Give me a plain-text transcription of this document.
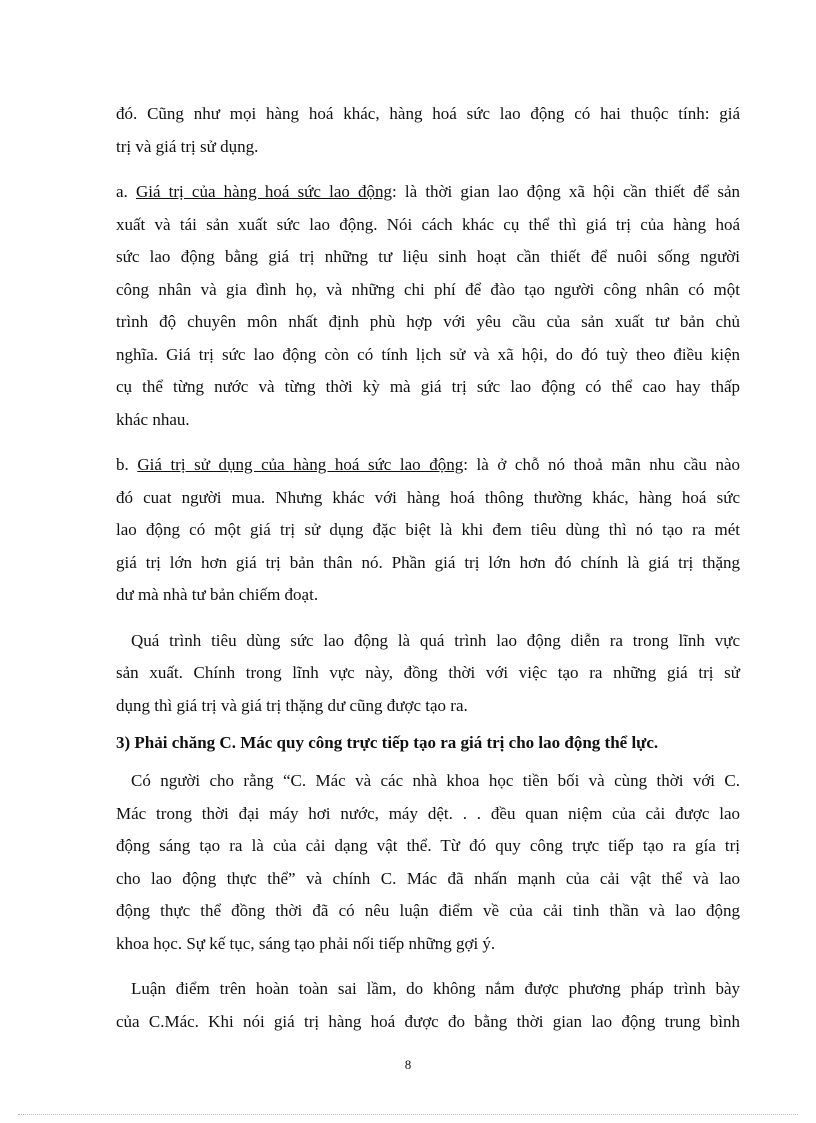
đó. Cũng như mọi hàng hoá khác, hàng hoá sức lao động có hai thuộc tính: giá
trị và giá trị sử dụng.
a. Giá trị của hàng hoá sức lao động: là thời gian lao động xã hội cần thiết để sản
xuất và tái sản xuất sức lao động. Nói cách khác cụ thể thì giá trị của hàng hoá
sức lao động bằng giá trị những tư liệu sinh hoạt cần thiết để nuôi sống người
công nhân và gia đình họ, và những chi phí để đào tạo người công nhân có một
trình độ chuyên môn nhất định phù hợp với yêu cầu của sản xuất tư bản chủ
nghĩa. Giá trị sức lao động còn có tính lịch sử và xã hội, do đó tuỳ theo điều kiện
cụ thể từng nước và từng thời kỳ mà giá trị sức lao động có thể cao hay thấp
khác nhau.
b. Giá trị sử dụng của hàng hoá sức lao động: là ở chỗ nó thoả mãn nhu cầu nào
đó cuat người mua. Nhưng khác với hàng hoá thông thường khác, hàng hoá sức
lao động có một giá trị sử dụng đặc biệt là khi đem tiêu dùng thì nó tạo ra mét
giá trị lớn hơn giá trị bản thân nó. Phần giá trị lớn hơn đó chính là giá trị thặng
dư mà nhà tư bản chiếm đoạt.
Quá trình tiêu dùng sức lao động là quá trình lao động diễn ra trong lĩnh vực
sản xuất. Chính trong lĩnh vực này, đồng thời với việc tạo ra những giá trị sử
dụng thì giá trị và giá trị thặng dư cũng được tạo ra.

3) Phải chăng C. Mác quy công trực tiếp tạo ra giá trị cho lao động thể lực.

Có người cho rằng “C. Mác và các nhà khoa học tiền bối và cùng thời với C.
Mác trong thời đại máy hơi nước, máy dệt. . . đều quan niệm của cải được lao
động sáng tạo ra là của cải dạng vật thể. Từ đó quy công trực tiếp tạo ra gía trị
cho lao động thực thể” và chính C. Mác đã nhấn mạnh của cải vật thể và lao
động thực thể đồng thời đã có nêu luận điểm về của cải tinh thần và lao động
khoa học. Sự kế tục, sáng tạo phải nối tiếp những gợi ý.
Luận điểm trên hoàn toàn sai lầm, do không nắm được phương pháp trình bày
của C.Mác. Khi nói giá trị hàng hoá được đo bằng thời gian lao động trung bình
8
